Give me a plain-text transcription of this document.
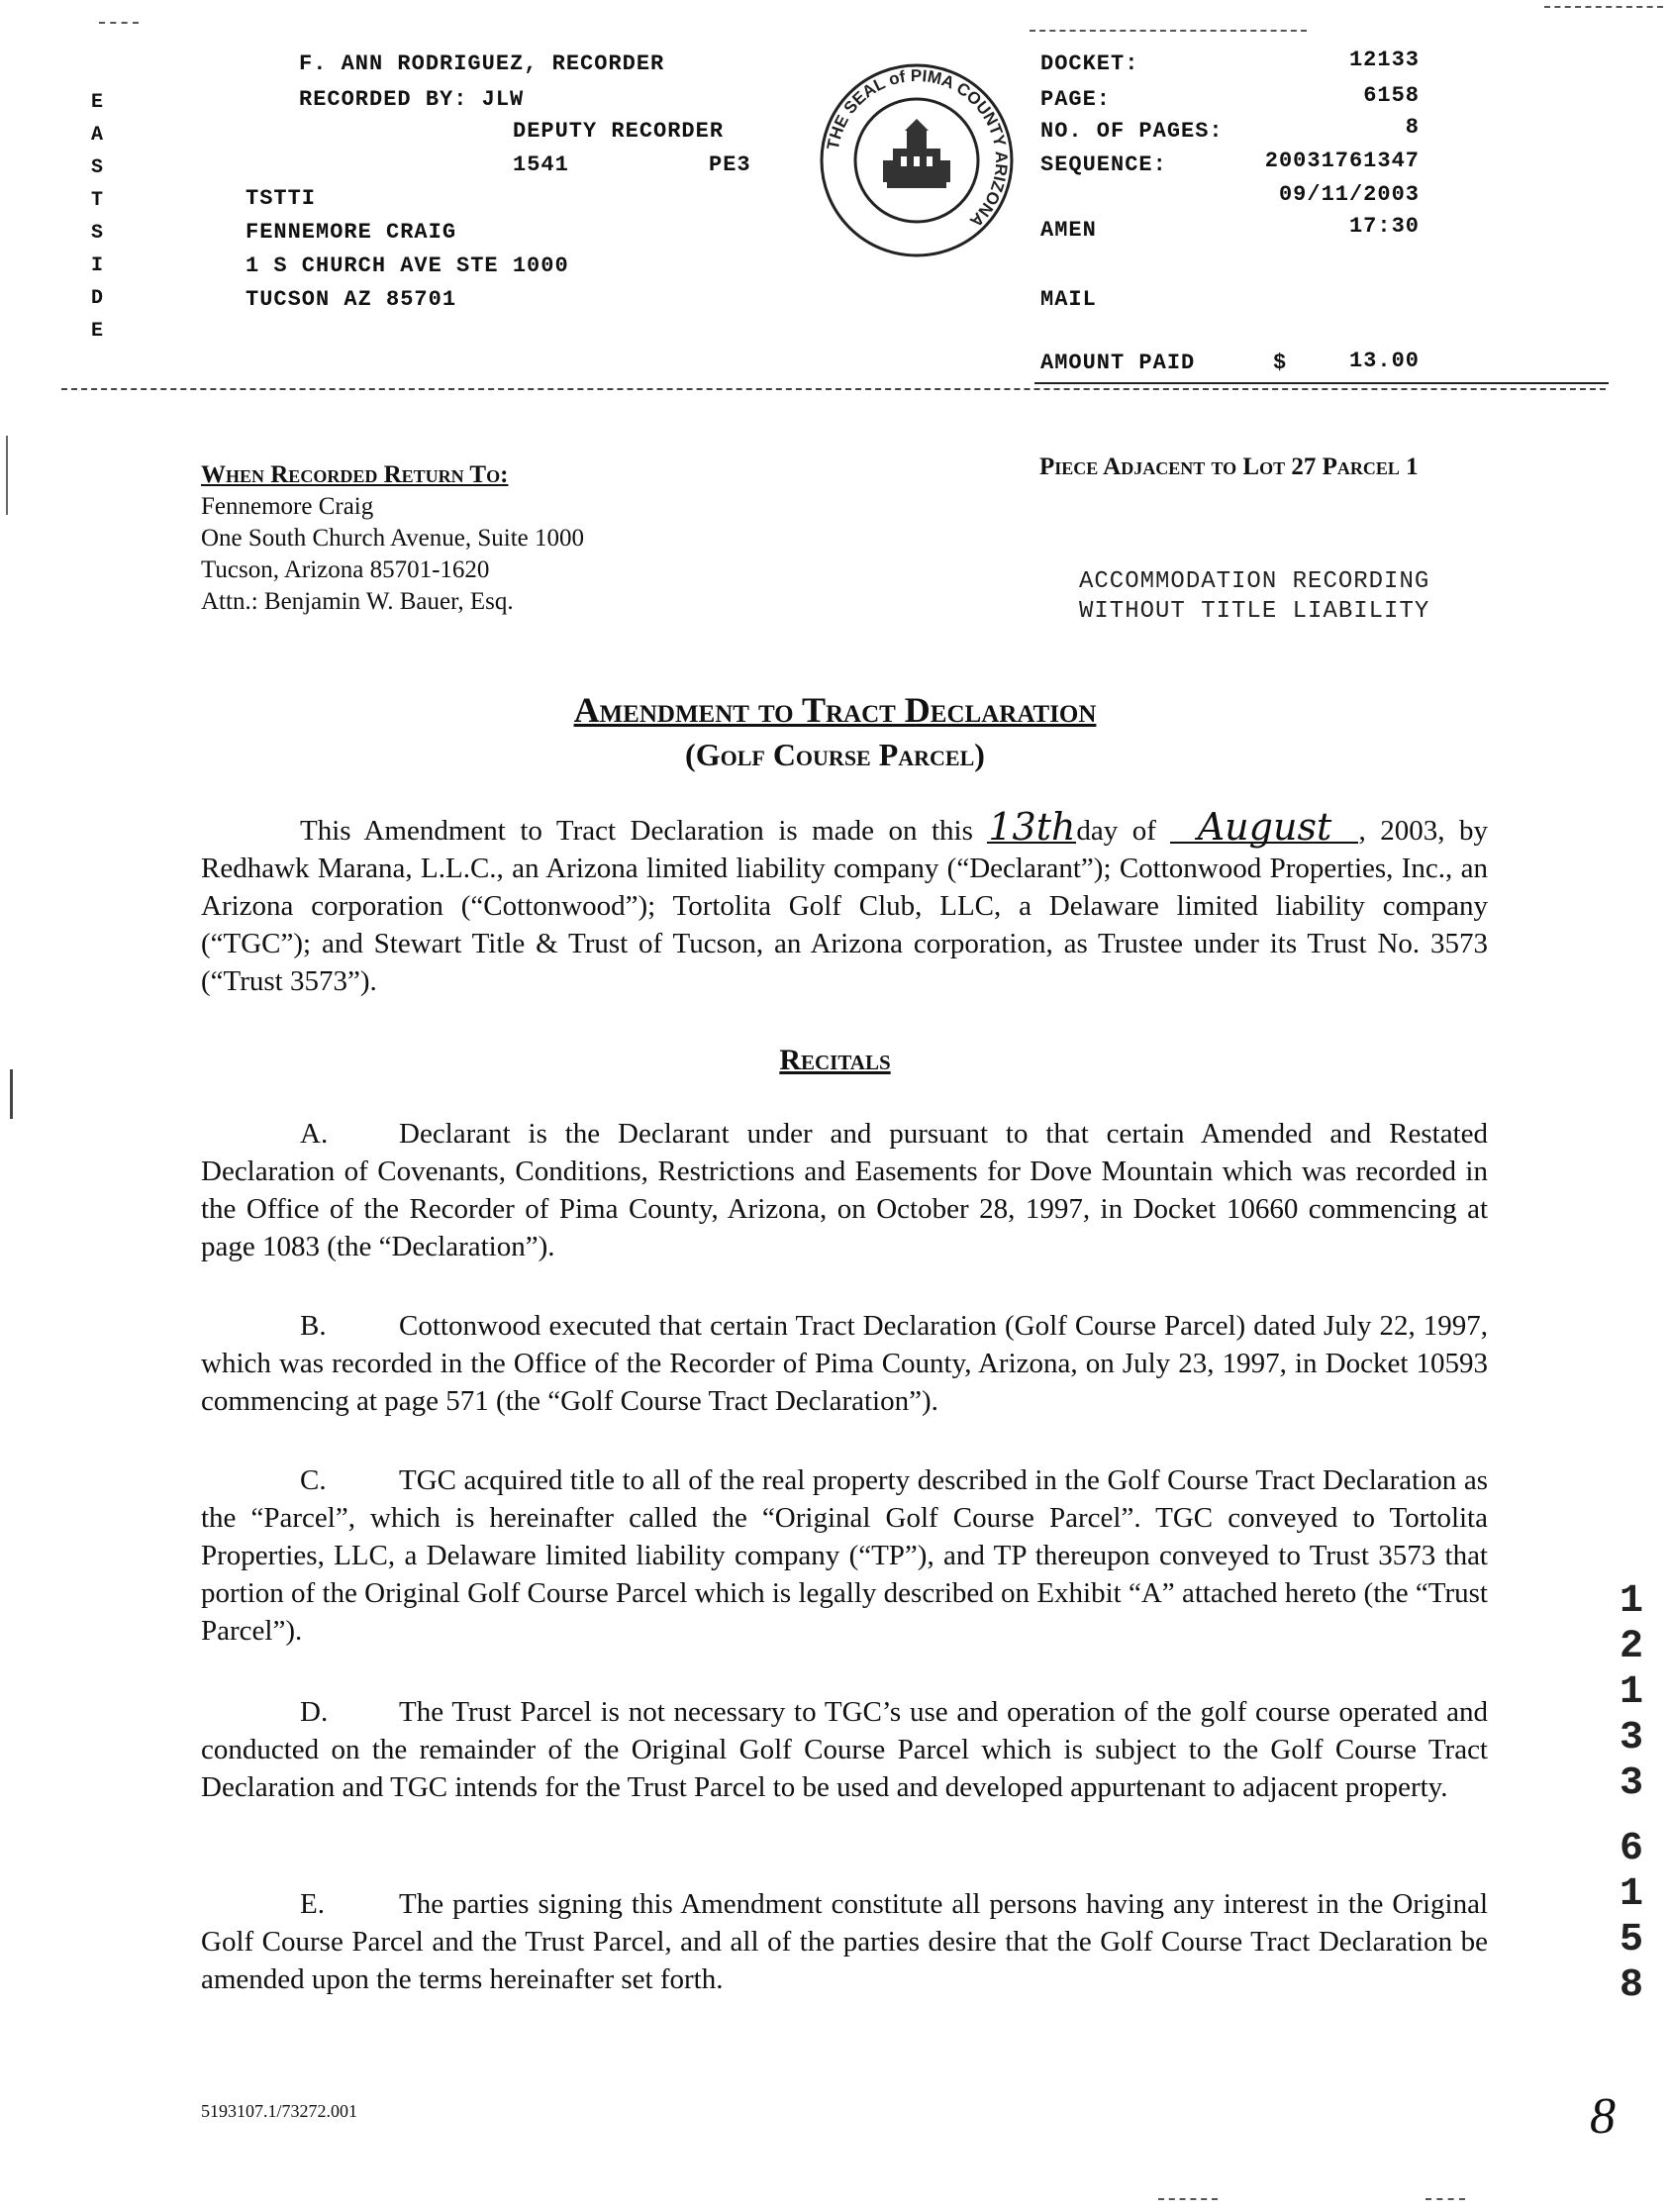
F. ANN RODRIGUEZ, RECORDER
RECORDED BY: JLW
DEPUTY RECORDER
1541	PE3
E
A
S
T
S
I
D
E
TSTTI
FENNEMORE CRAIG
1 S CHURCH AVE STE 1000
TUCSON AZ 85701
THE SEAL of PIMA COUNTY ARIZONA
DOCKET:	12133
PAGE:	6158
NO. OF PAGES:	8
SEQUENCE:	20031761347
09/11/2003
AMEN	17:30
MAIL
AMOUNT PAID	$	13.00
When Recorded Return To:
Fennemore Craig
One South Church Avenue, Suite 1000
Tucson, Arizona 85701-1620
Attn.: Benjamin W. Bauer, Esq.
Piece Adjacent to Lot 27 Parcel 1
ACCOMMODATION RECORDING
WITHOUT TITLE LIABILITY
Amendment to Tract Declaration
(Golf Course Parcel)
This Amendment to Tract Declaration is made on this 13thday of August , 2003, by Redhawk Marana, L.L.C., an Arizona limited liability company (“Declarant”); Cottonwood Properties, Inc., an Arizona corporation (“Cottonwood”); Tortolita Golf Club, LLC, a Delaware limited liability company (“TGC”); and Stewart Title & Trust of Tucson, an Arizona corporation, as Trustee under its Trust No. 3573 (“Trust 3573”).
Recitals
A. Declarant is the Declarant under and pursuant to that certain Amended and Restated Declaration of Covenants, Conditions, Restrictions and Easements for Dove Mountain which was recorded in the Office of the Recorder of Pima County, Arizona, on October 28, 1997, in Docket 10660 commencing at page 1083 (the “Declaration”).
B.	Cottonwood executed that certain Tract Declaration (Golf Course Parcel) dated July 22, 1997, which was recorded in the Office of the Recorder of Pima County, Arizona, on July 23, 1997, in Docket 10593 commencing at page 571 (the “Golf Course Tract Declaration”).
C.	TGC acquired title to all of the real property described in the Golf Course Tract Declaration as the “Parcel”, which is hereinafter called the “Original Golf Course Parcel”. TGC conveyed to Tortolita Properties, LLC, a Delaware limited liability company (“TP”), and TP thereupon conveyed to Trust 3573 that portion of the Original Golf Course Parcel which is legally described on Exhibit “A” attached hereto (the “Trust Parcel”).
D. The Trust Parcel is not necessary to TGC’s use and operation of the golf course operated and conducted on the remainder of the Original Golf Course Parcel which is subject to the Golf Course Tract Declaration and TGC intends for the Trust Parcel to be used and developed appurtenant to adjacent property.
E.	The parties signing this Amendment constitute all persons having any interest in the Original Golf Course Parcel and the Trust Parcel, and all of the parties desire that the Golf Course Tract Declaration be amended upon the terms hereinafter set forth.
1
2
1
3
3
6
1
5
8
5193107.1/73272.001	8
